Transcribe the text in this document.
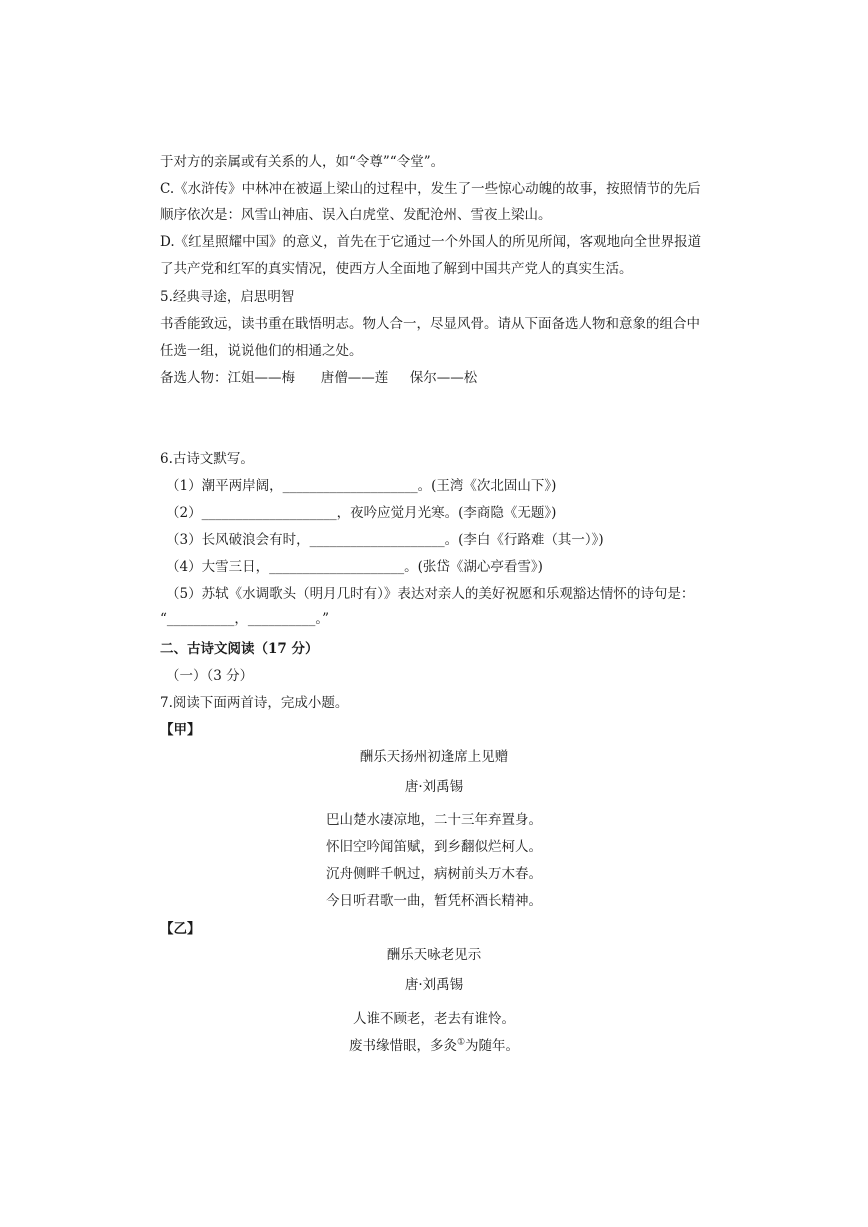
于对方的亲属或有关系的人，如“令尊”“令堂”。
C.《水浒传》中林冲在被逼上梁山的过程中，发生了一些惊心动魄的故事，按照情节的先后
顺序依次是：风雪山神庙、误入白虎堂、发配沧州、雪夜上梁山。
D.《红星照耀中国》的意义，首先在于它通过一个外国人的所见所闻，客观地向全世界报道
了共产党和红军的真实情况，使西方人全面地了解到中国共产党人的真实生活。
5.经典寻途，启思明智
书香能致远，读书重在戢悟明志。物人合一，尽显风骨。请从下面备选人物和意象的组合中
任选一组，说说他们的相通之处。
备选人物：江姐——梅      唐僧——莲     保尔——松
6.古诗文默写。
（1）潮平两岸阔，____________________。(王湾《次北固山下》)
（2）____________________，夜吟应觉月光寒。(李商隐《无题》)
（3）长风破浪会有时，____________________。(李白《行路难（其一）》)
（4）大雪三日，____________________。(张岱《湖心亭看雪》)
（5）苏轼《水调歌头（明月几时有）》表达对亲人的美好祝愿和乐观豁达情怀的诗句是：
“__________，__________。”
二、古诗文阅读（17 分）
（一）（3 分）
7.阅读下面两首诗，完成小题。
【甲】
酬乐天扬州初逢席上见赠
唐·刘禹锡
巴山楚水凄凉地，二十三年弃置身。
怀旧空吟闻笛赋，到乡翻似烂柯人。
沉舟侧畔千帆过，病树前头万木春。
今日听君歌一曲，暂凭杯酒长精神。
【乙】
酬乐天咏老见示
唐·刘禹锡
人谁不顾老，老去有谁怜。
废书缘惜眼，多灸①为随年。
